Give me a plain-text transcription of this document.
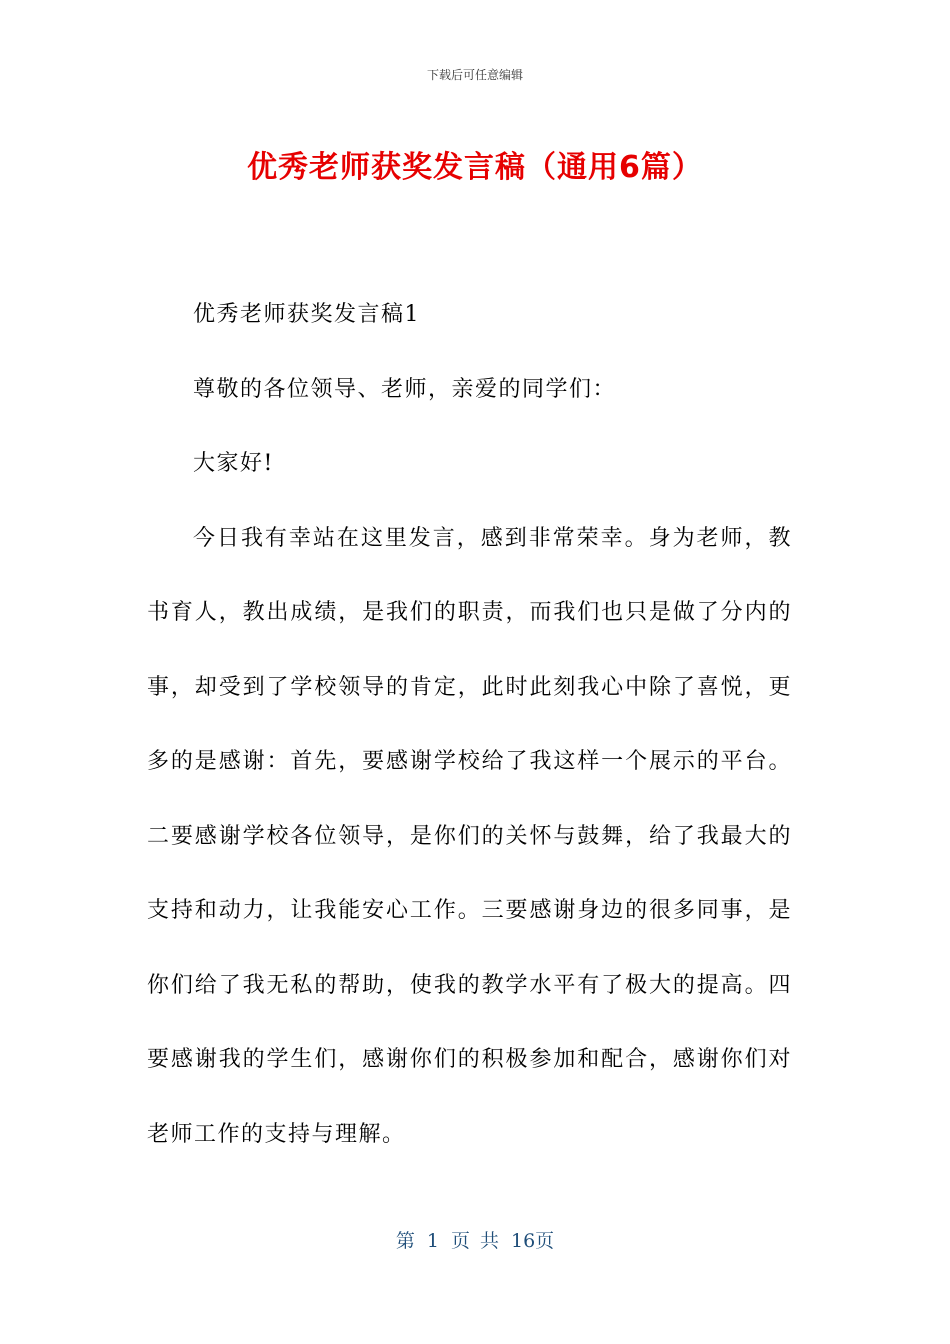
下载后可任意编辑
优秀老师获奖发言稿（通用6篇）

优秀老师获奖发言稿1

尊敬的各位领导、老师，亲爱的同学们：

大家好!

今日我有幸站在这里发言，感到非常荣幸。身为老师，教书育人，教出成绩，是我们的职责，而我们也只是做了分内的事，却受到了学校领导的肯定，此时此刻我心中除了喜悦，更多的是感谢：首先，要感谢学校给了我这样一个展示的平台。二要感谢学校各位领导，是你们的关怀与鼓舞，给了我最大的支持和动力，让我能安心工作。三要感谢身边的很多同事，是你们给了我无私的帮助，使我的教学水平有了极大的提高。四要感谢我的学生们，感谢你们的积极参加和配合，感谢你们对老师工作的支持与理解。

第 1 页 共 16页
